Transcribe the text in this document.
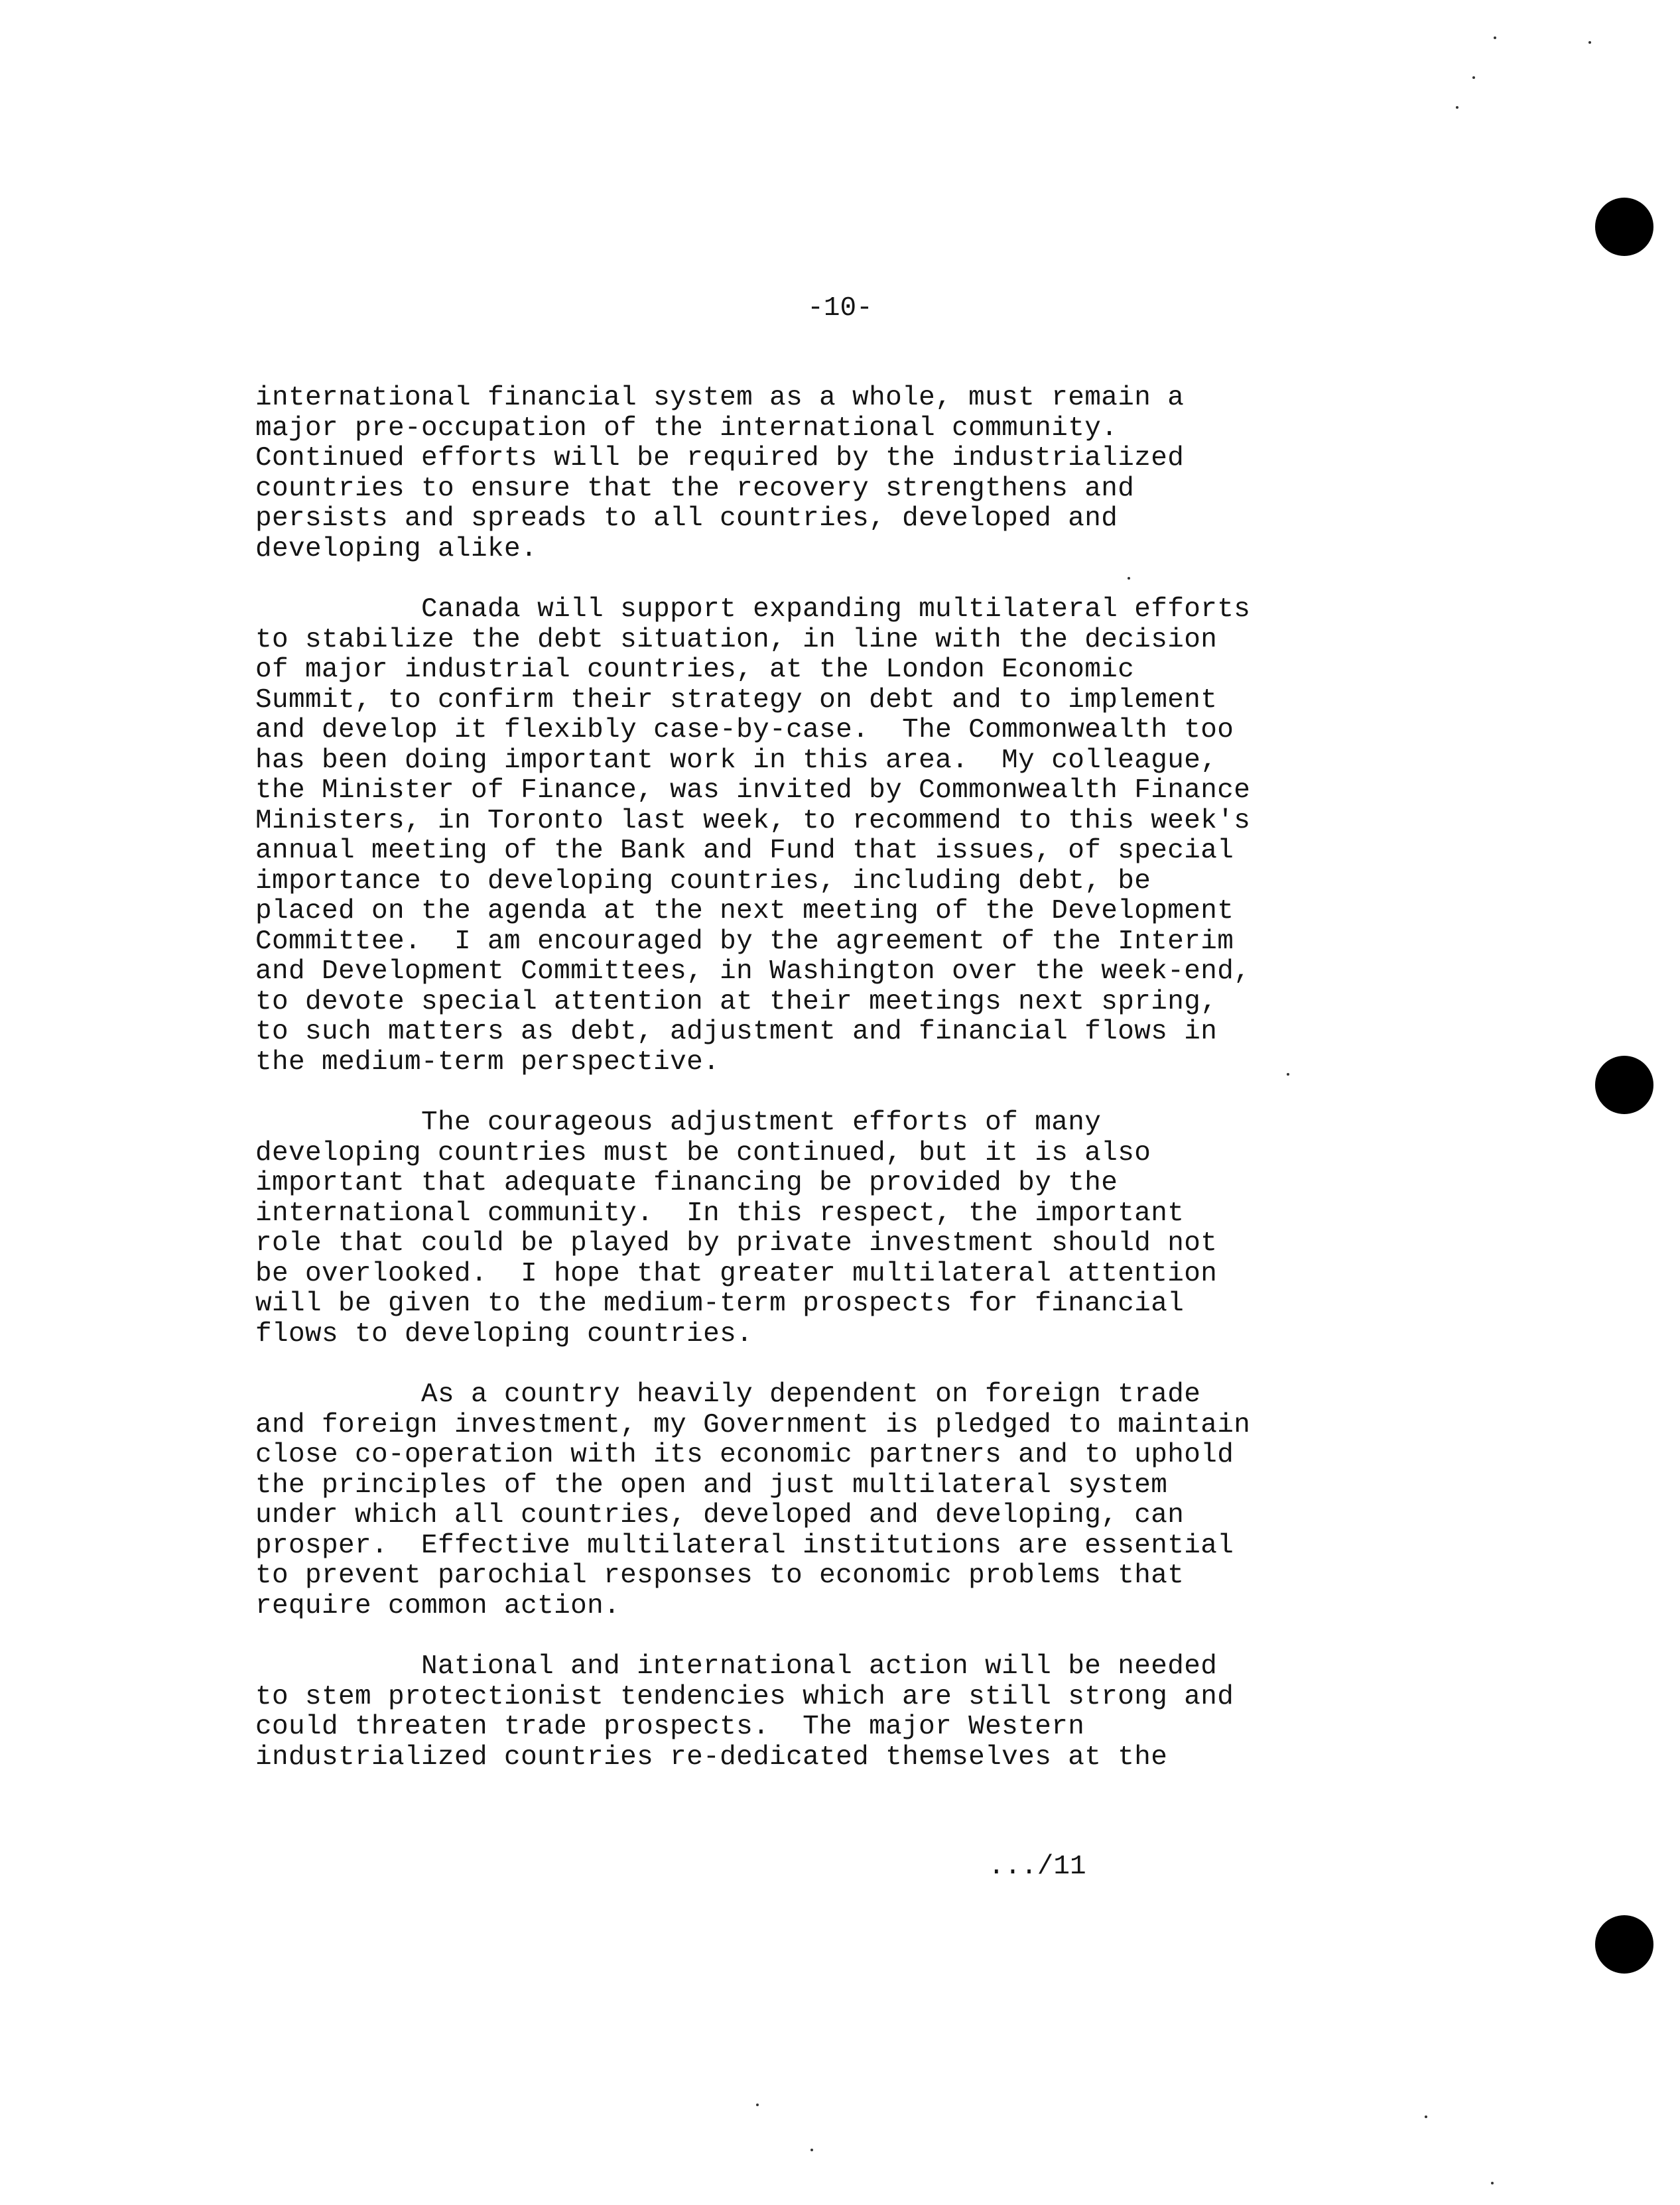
-10-
international financial system as a whole, must remain a
major pre-occupation of the international community.
Continued efforts will be required by the industrialized
countries to ensure that the recovery strengthens and
persists and spreads to all countries, developed and
developing alike.
Canada will support expanding multilateral efforts
to stabilize the debt situation, in line with the decision
of major industrial countries, at the London Economic
Summit, to confirm their strategy on debt and to implement
and develop it flexibly case-by-case.  The Commonwealth too
has been doing important work in this area.  My colleague,
the Minister of Finance, was invited by Commonwealth Finance
Ministers, in Toronto last week, to recommend to this week's
annual meeting of the Bank and Fund that issues, of special
importance to developing countries, including debt, be
placed on the agenda at the next meeting of the Development
Committee.  I am encouraged by the agreement of the Interim
and Development Committees, in Washington over the week-end,
to devote special attention at their meetings next spring,
to such matters as debt, adjustment and financial flows in
the medium-term perspective.
The courageous adjustment efforts of many
developing countries must be continued, but it is also
important that adequate financing be provided by the
international community.  In this respect, the important
role that could be played by private investment should not
be overlooked.  I hope that greater multilateral attention
will be given to the medium-term prospects for financial
flows to developing countries.
As a country heavily dependent on foreign trade
and foreign investment, my Government is pledged to maintain
close co-operation with its economic partners and to uphold
the principles of the open and just multilateral system
under which all countries, developed and developing, can
prosper.  Effective multilateral institutions are essential
to prevent parochial responses to economic problems that
require common action.
National and international action will be needed
to stem protectionist tendencies which are still strong and
could threaten trade prospects.  The major Western
industrialized countries re-dedicated themselves at the
.../11
